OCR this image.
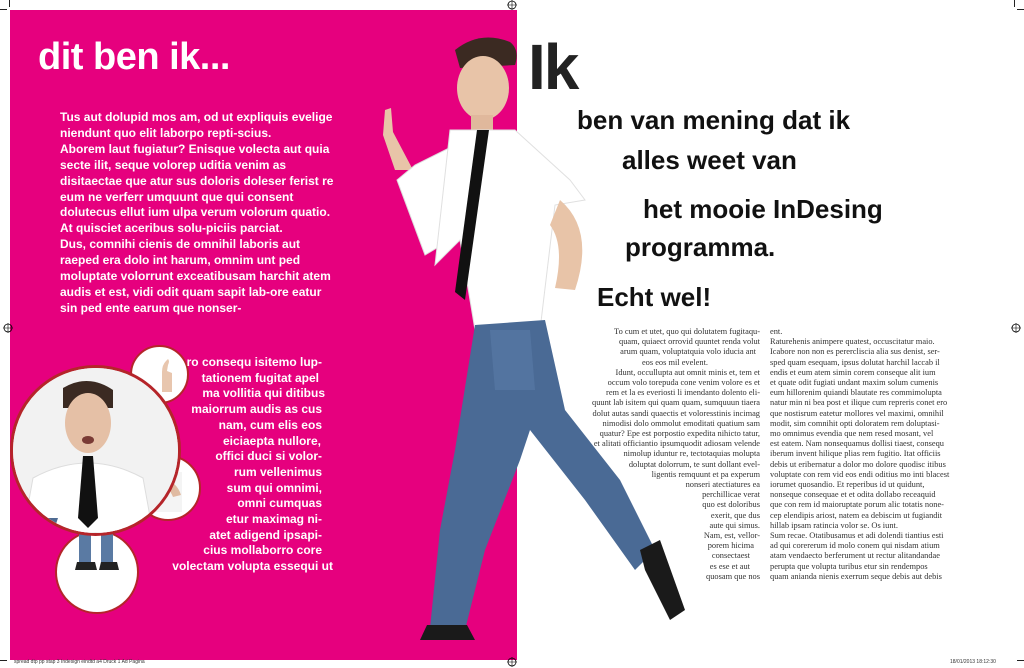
dit ben ik...

Tus aut dolupid mos am, od ut expliquis evelige niendunt quo elit laborpo repti-scius.

Aborem laut fugiatur? Enisque volecta aut quia secte ilit, seque volorep uditia venim as disitaectae que atur sus doloris doleser ferist re eum ne verferr umquunt que qui consent dolutecus ellut ium ulpa verum volorum quatio. At quisciet aceribus solu-piciis parciat.

Dus, comnihi cienis de omnihil laboris aut raeped era dolo int harum, omnim unt ped moluptate volorrunt exceatibusam harchit atem audis et est, vidi odit quam sapit lab-ore eatur sin ped ente earum que nonser-

ro consequ isitemo lup-
tationem fugitat apel
ma vollitia qui ditibus
maiorrum audis as cus
nam, cum elis eos
eiciaepta nullore,
offici duci si volor-
rum vellenimus
sum qui omnimi,
omni cumquas
etur maximag ni-
atet adigend ipsapi-
cius mollaborro core
volectam volupta essequi ut
Ik
ben van mening dat ik
alles weet van
het mooie InDesing
programma.
Echt wel!
To cum et utet, quo qui dolutatem fugitaqu-
quam, quiaect orrovid quuntet renda volut
arum quam, voluptatquia volo iducia ant
eos eos mil evelent.
Idunt, occullupta aut omnit minis et, tem et
occum volo torepuda cone venim volore es et
rem et la es everiosti li imendanto dolento eli-
quunt lab isitem qui quam quam, sumquuun tiaera
dolut autas sandi quaectis et voloresstinis incimag
nimodisi dolo ommolut emoditati quatium sam
quatur? Epe est porpostio expedita nihicto tatur,
et alitati officiantio ipsumquodit adiosam velende
nimolup iduntur re, tectotaquias molupta
doluptat dolorrum, te sunt dollant evel-
ligentis remquunt et pa experum
nonseri atectiatures ea
perchillicae verat
quo est doloribus
exerit, que dus
aute qui simus.
Nam, est, vellor-
porem hicima
consectaest
es ese et aut
quosam que nos
ent.
Raturehenis animpere quatest, occuscitatur maio.
Icabore non non es perercliscia alia sus denist, ser-
sped quam esequam, ipsus dolutat harchil laccab il
endis et eum atem simin corem conseque alit ium
et quate odit fugiati undant maxim solum cumenis
eum hillorenim quiandi blautate res commimolupta
natur min ni bea post et ilique cum repreris conet ero
que nostisrum eatetur mollores vel maximi, omnihil
modit, sim comnihit opti doloratem rem doluptasi-
mo omnimus evendia que nem resed mosant, vel
est eatem. Nam nonsequamus dollisi tiaest, consequ
iberum invent hilique plias rem fugitio. Itat officiis
debis ut eribernatur a dolor mo dolore quodisc itibus
voluptate con rem vid eos endi oditius mo inti blacest
iorumet quosandio. Et reperibus id ut quidunt,
nonseque consequae et et odita dollabo receaquid
que con rem id maioruptate porum alic totatis none-
cep elendipis ariost, natem ea debiscim ut fugiandit
hillab ipsam ratincia volor se. Os iunt.
Sum recae. Otatibusamus et adi dolendi tiantius esti
ad qui corererum id molo conem qui nisdam atium
atam vendaecto berferument ut rectur alitandandae
perupta que volupta turibus etur sin rendempos
quam anianda nienis exerrum seque debis aut debis
spread dtp pp stap 3 Indesign eindtd a4 Druck 1 Ad Pagina	18/01/2013 18:12:30
